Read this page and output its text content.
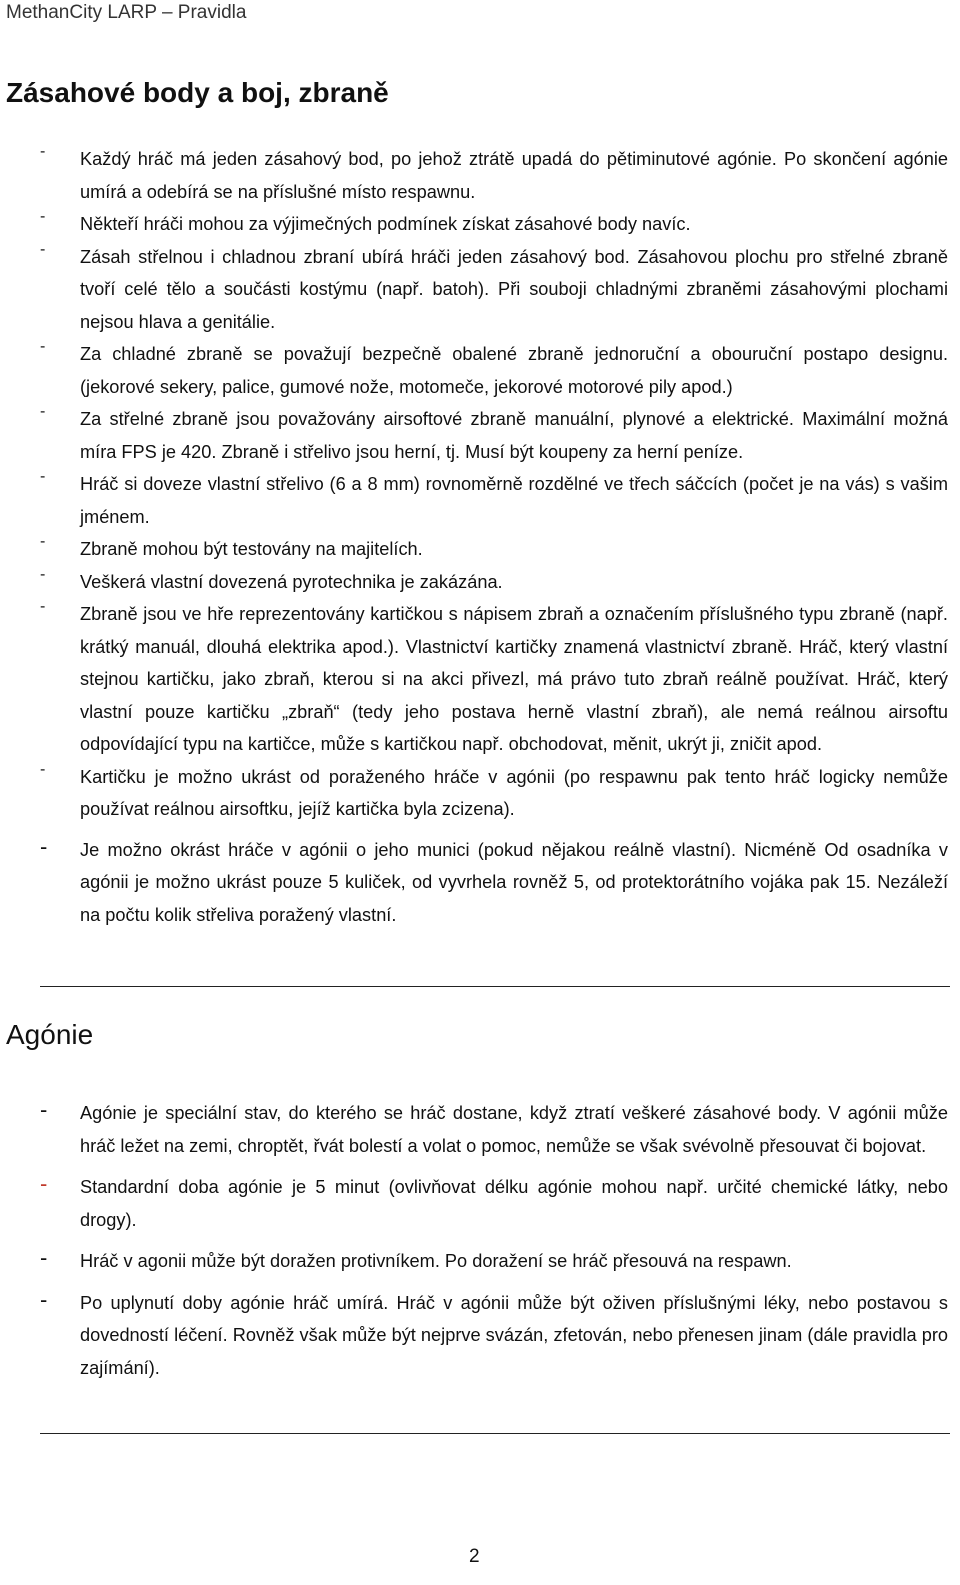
MethanCity LARP – Pravidla
Zásahové body a boj, zbraně
- Každý hráč má jeden zásahový bod, po jehož ztrátě upadá do pětiminutové agónie. Po skončení agónie umírá a odebírá se na příslušné místo respawnu.
- Někteří hráči mohou za výjimečných podmínek získat zásahové body navíc.
- Zásah střelnou i chladnou zbraní ubírá hráči jeden zásahový bod. Zásahovou plochu pro střelné zbraně tvoří celé tělo a součásti kostýmu (např. batoh). Při souboji chladnými zbraněmi zásahovými plochami nejsou hlava a genitálie.
- Za chladné zbraně se považují bezpečně obalené zbraně jednoruční a obouruční postapo designu. (jekorové sekery, palice, gumové nože, motomeče, jekorové motorové pily apod.)
- Za střelné zbraně jsou považovány airsoftové zbraně manuální, plynové a elektrické. Maximální možná míra FPS je 420. Zbraně i střelivo jsou herní, tj. Musí být koupeny za herní peníze.
- Hráč si doveze vlastní střelivo (6 a 8 mm) rovnoměrně rozdělné ve třech sáčcích (počet je na vás) s vašim jménem.
- Zbraně mohou být testovány na majitelích.
- Veškerá vlastní dovezená pyrotechnika je zakázána.
- Zbraně jsou ve hře reprezentovány kartičkou s nápisem zbraň a označením příslušného typu zbraně (např. krátký manuál, dlouhá elektrika apod.). Vlastnictví kartičky znamená vlastnictví zbraně. Hráč, který vlastní stejnou kartičku, jako zbraň, kterou si na akci přivezl, má právo tuto zbraň reálně používat. Hráč, který vlastní pouze kartičku „zbraň“ (tedy jeho postava herně vlastní zbraň), ale nemá reálnou airsoftu odpovídající typu na kartičce, může s kartičkou např. obchodovat, měnit, ukrýt ji, zničit apod.
- Kartičku je možno ukrást od poraženého hráče v agónii (po respawnu pak tento hráč logicky nemůže používat reálnou airsoftku, jejíž kartička byla zcizena).
- Je možno okrást hráče v agónii o jeho munici (pokud nějakou reálně vlastní). Nicméně Od osadníka v agónii je možno ukrást pouze 5 kuliček, od vyvrhela rovněž 5, od protektorátního vojáka pak 15. Nezáleží na počtu kolik střeliva poražený vlastní.
Agónie
- Agónie je speciální stav, do kterého se hráč dostane, když ztratí veškeré zásahové body. V agónii může hráč ležet na zemi, chroptět, řvát bolestí a volat o pomoc, nemůže se však svévolně přesouvat či bojovat.
- Standardní doba agónie je 5 minut (ovlivňovat délku agónie mohou např. určité chemické látky, nebo drogy).
- Hráč v agonii může být doražen protivníkem. Po doražení se hráč přesouvá na respawn.
- Po uplynutí doby agónie hráč umírá. Hráč v agónii může být oživen příslušnými léky, nebo postavou s dovedností léčení. Rovněž však může být nejprve svázán, zfetován, nebo přenesen jinam (dále pravidla pro zajímání).
2
